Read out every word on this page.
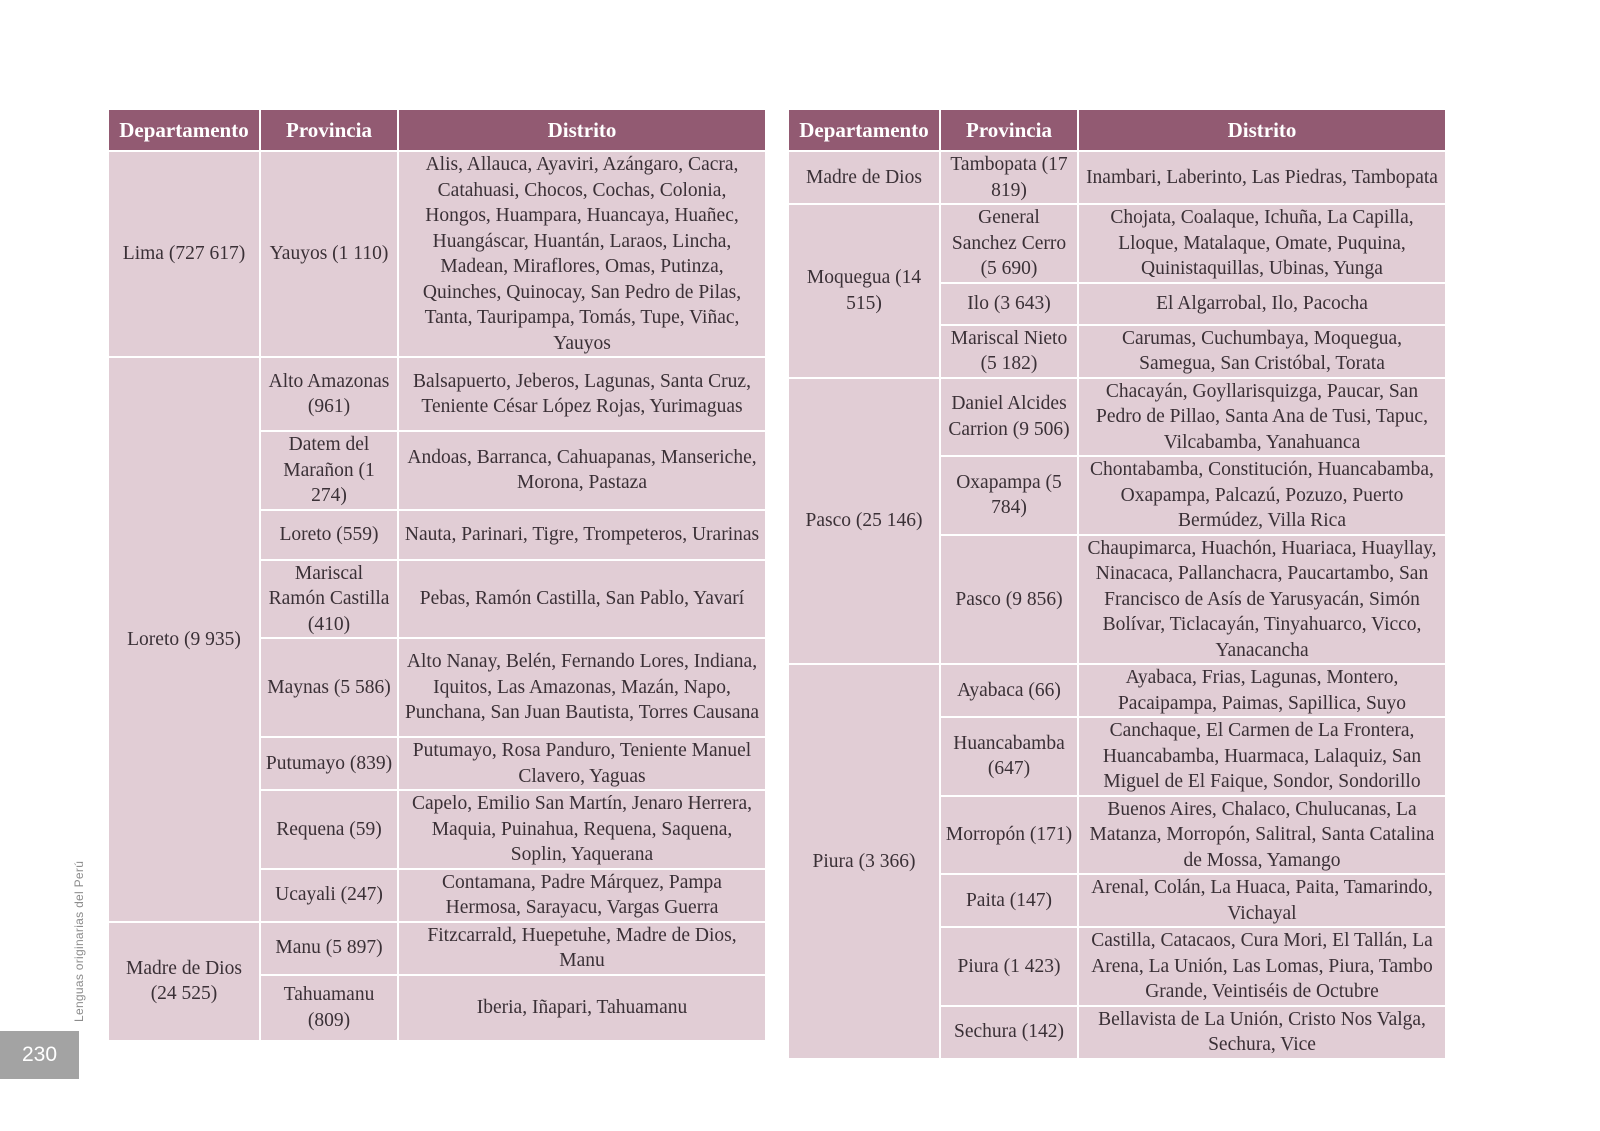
Departamento	Provincia	Distrito
Lima (727 617)	Yauyos (1 110)	Alis, Allauca, Ayaviri, Azángaro, Cacra, Catahuasi, Chocos, Cochas, Colonia, Hongos, Huampara, Huancaya, Huañec, Huangáscar, Huantán, Laraos, Lincha, Madean, Miraflores, Omas, Putinza, Quinches, Quinocay, San Pedro de Pilas, Tanta, Tauripampa, Tomás, Tupe, Viñac, Yauyos
Loreto (9 935)	Alto Amazonas (961)	Balsapuerto, Jeberos, Lagunas, Santa Cruz, Teniente César López Rojas, Yurimaguas
	Datem del Marañon (1 274)	Andoas, Barranca, Cahuapanas, Manseriche, Morona, Pastaza
	Loreto (559)	Nauta, Parinari, Tigre, Trompeteros, Urarinas
	Mariscal Ramón Castilla (410)	Pebas, Ramón Castilla, San Pablo, Yavarí
	Maynas (5 586)	Alto Nanay, Belén, Fernando Lores, Indiana, Iquitos, Las Amazonas, Mazán, Napo, Punchana, San Juan Bautista, Torres Causana
	Putumayo (839)	Putumayo, Rosa Panduro, Teniente Manuel Clavero, Yaguas
	Requena (59)	Capelo, Emilio San Martín, Jenaro Herrera, Maquia, Puinahua, Requena, Saquena, Soplin, Yaquerana
	Ucayali (247)	Contamana, Padre Márquez, Pampa Hermosa, Sarayacu, Vargas Guerra
Madre de Dios (24 525)	Manu (5 897)	Fitzcarrald, Huepetuhe, Madre de Dios, Manu
	Tahuamanu (809)	Iberia, Iñapari, Tahuamanu
Departamento	Provincia	Distrito
Madre de Dios	Tambopata (17 819)	Inambari, Laberinto, Las Piedras, Tambopata
Moquegua (14 515)	General Sanchez Cerro (5 690)	Chojata, Coalaque, Ichuña, La Capilla, Lloque, Matalaque, Omate, Puquina, Quinistaquillas, Ubinas, Yunga
	Ilo (3 643)	El Algarrobal, Ilo, Pacocha
	Mariscal Nieto (5 182)	Carumas, Cuchumbaya, Moquegua, Samegua, San Cristóbal, Torata
Pasco (25 146)	Daniel Alcides Carrion (9 506)	Chacayán, Goyllarisquizga, Paucar, San Pedro de Pillao, Santa Ana de Tusi, Tapuc, Vilcabamba, Yanahuanca
	Oxapampa (5 784)	Chontabamba, Constitución, Huancabamba, Oxapampa, Palcazú, Pozuzo, Puerto Bermúdez, Villa Rica
	Pasco (9 856)	Chaupimarca, Huachón, Huariaca, Huayllay, Ninacaca, Pallanchacra, Paucartambo, San Francisco de Asís de Yarusyacán, Simón Bolívar, Ticlacayán, Tinyahuarco, Vicco, Yanacancha
Piura (3 366)	Ayabaca (66)	Ayabaca, Frias, Lagunas, Montero, Pacaipampa, Paimas, Sapillica, Suyo
	Huancabamba (647)	Canchaque, El Carmen de La Frontera, Huancabamba, Huarmaca, Lalaquiz, San Miguel de El Faique, Sondor, Sondorillo
	Morropón (171)	Buenos Aires, Chalaco, Chulucanas, La Matanza, Morropón, Salitral, Santa Catalina de Mossa, Yamango
	Paita (147)	Arenal, Colán, La Huaca, Paita, Tamarindo, Vichayal
	Piura (1 423)	Castilla, Catacaos, Cura Mori, El Tallán, La Arena, La Unión, Las Lomas, Piura, Tambo Grande, Veintiséis de Octubre
	Sechura (142)	Bellavista de La Unión, Cristo Nos Valga, Sechura, Vice
Lenguas originarias del Perú
230
